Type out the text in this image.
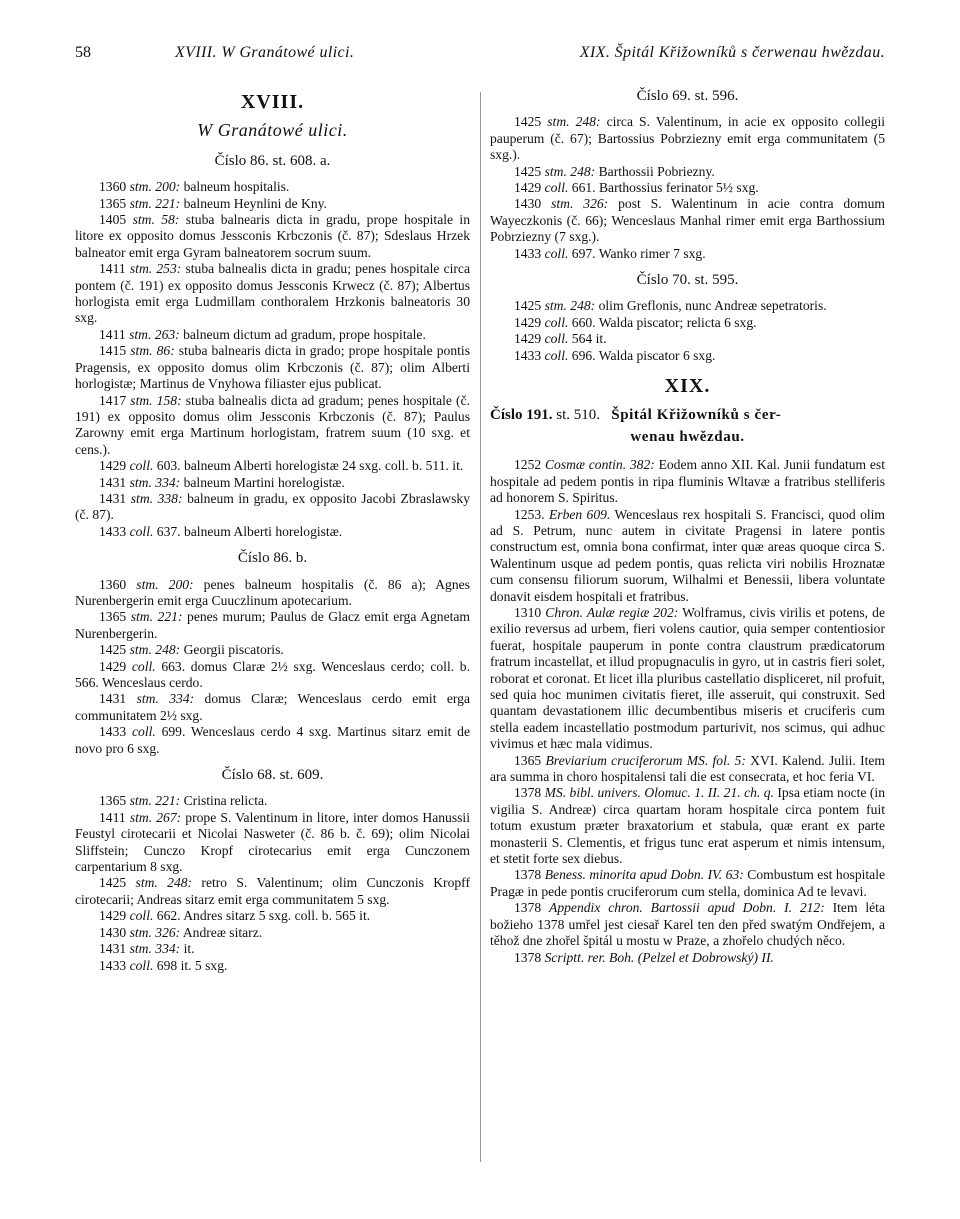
58	XVIII. W Granátowé ulici.	XIX. Špitál Křižowníků s čerwenau hwězdau.
XVIII.
W Granátowé ulici.
Číslo 86. st. 608. a.

1360 stm. 200: balneum hospitalis.

1365 stm. 221: balneum Heynlini de Kny.

1405 stm. 58: stuba balnearis dicta in gradu, prope hospitale in litore ex opposito domus Jessconis Krbczonis (č. 87); Sdeslaus Hrzek balneator emit erga Gyram balneatorem socrum suum.

1411 stm. 253: stuba balnealis dicta in gradu; penes hospitale circa pontem (č. 191) ex opposito domus Jessconis Krwecz (č. 87); Albertus horlogista emit erga Ludmillam conthoralem Hrzkonis balneatoris 30 sxg.

1411 stm. 263: balneum dictum ad gradum, prope hospitale.

1415 stm. 86: stuba balnearis dicta in grado; prope hospitale pontis Pragensis, ex opposito domus olim Krbczonis (č. 87); olim Alberti horlogistæ; Martinus de Vnyhowa filiaster ejus publicat.

1417 stm. 158: stuba balnealis dicta ad gradum; penes hospitale (č. 191) ex opposito domus olim Jessconis Krbczonis (č. 87); Paulus Zarowny emit erga Martinum horlogistam, fratrem suum (10 sxg. et cens.).

1429 coll. 603. balneum Alberti horelogistæ 24 sxg. coll. b. 511. it.

1431 stm. 334: balneum Martini horelogistæ.

1431 stm. 338: balneum in gradu, ex opposito Jacobi Zbraslawsky (č. 87).

1433 coll. 637. balneum Alberti horelogistæ.

Číslo 86. b.

1360 stm. 200: penes balneum hospitalis (č. 86 a); Agnes Nurenbergerin emit erga Cuuczlinum apotecarium.

1365 stm. 221: penes murum; Paulus de Glacz emit erga Agnetam Nurenbergerin.

1425 stm. 248: Georgii piscatoris.

1429 coll. 663. domus Claræ 2½ sxg. Wenceslaus cerdo; coll. b. 566. Wenceslaus cerdo.

1431 stm. 334: domus Claræ; Wenceslaus cerdo emit erga communitatem 2½ sxg.

1433 coll. 699. Wenceslaus cerdo 4 sxg. Martinus sitarz emit de novo pro 6 sxg.

Číslo 68. st. 609.

1365 stm. 221: Cristina relicta.

1411 stm. 267: prope S. Valentinum in litore, inter domos Hanussii Feustyl cirotecarii et Nicolai Nasweter (č. 86 b. č. 69); olim Nicolai Sliffstein; Cunczo Kropf cirotecarius emit erga Cunczonem carpentarium 8 sxg.

1425 stm. 248: retro S. Valentinum; olim Cunczonis Kropff cirotecarii; Andreas sitarz emit erga communitatem 5 sxg.

1429 coll. 662. Andres sitarz 5 sxg. coll. b. 565 it.

1430 stm. 326: Andreæ sitarz.

1431 stm. 334: it.

1433 coll. 698 it. 5 sxg.

Číslo 69. st. 596.

1425 stm. 248: circa S. Valentinum, in acie ex opposito collegii pauperum (č. 67); Bartossius Pobrziezny emit erga communitatem (5 sxg.).

1425 stm. 248: Barthossii Pobriezny.

1429 coll. 661. Barthossius ferinator 5½ sxg.

1430 stm. 326: post S. Walentinum in acie contra domum Wayeczkonis (č. 66); Wenceslaus Manhal rimer emit erga Barthossium Pobrziezny (7 sxg.).

1433 coll. 697. Wanko rimer 7 sxg.

Číslo 70. st. 595.

1425 stm. 248: olim Greflonis, nunc Andreæ sepetratoris.

1429 coll. 660. Walda piscator; relicta 6 sxg.

1429 coll. 564 it.

1433 coll. 696. Walda piscator 6 sxg.

XIX.
Číslo 191. st. 510. Špitál Křižowníků s čer-
wenau hwězdau.

1252 Cosmæ contin. 382: Eodem anno XII. Kal. Junii fundatum est hospitale ad pedem pontis in ripa fluminis Wltavæ a fratribus stelliferis ad honorem S. Spiritus.

1253. Erben 609. Wenceslaus rex hospitali S. Francisci, quod olim ad S. Petrum, nunc autem in civitate Pragensi in latere pontis constructum est, omnia bona confirmat, inter quæ areas quoque circa S. Walentinum usque ad pedem pontis, quas relicta viri nobilis Hroznatæ cum consensu filiorum suorum, Wilhalmi et Benessii, libera voluntate donavit eisdem hospitali et fratribus.

1310 Chron. Aulæ regiæ 202: Wolframus, civis virilis et potens, de exilio reversus ad urbem, fieri volens cautior, quia semper contentiosior fuerat, hospitale pauperum in ponte contra claustrum prædicatorum fratrum incastellat, et illud propugnaculis in gyro, ut in castris fieri solet, roborat et coronat. Et licet illa pluribus castellatio displiceret, nil profuit, sed quia hoc munimen civitatis fieret, ille asseruit, qui construxit. Sed quantam devastationem illic decumbentibus miseris et cruciferis cum stella eadem incastellatio postmodum parturivit, nos scimus, qui adhuc vivimus et hæc mala vidimus.

1365 Breviarium cruciferorum MS. fol. 5: XVI. Kalend. Julii. Item ara summa in choro hospitalensi tali die est consecrata, et hoc feria VI.

1378 MS. bibl. univers. Olomuc. 1. II. 21. ch. q. Ipsa etiam nocte (in vigilia S. Andreæ) circa quartam horam hospitale circa pontem fuit totum exustum præter braxatorium et stabula, quæ erant ex parte monasterii S. Clementis, et frigus tunc erat asperum et nimis intensum, et stetit forte sex diebus.

1378 Beness. minorita apud Dobn. IV. 63: Combustum est hospitale Pragæ in pede pontis cruciferorum cum stella, dominica Ad te levavi.

1378 Appendix chron. Bartossii apud Dobn. I. 212: Item léta božieho 1378 umřel jest ciesař Karel ten den před swatým Ondřejem, a těhož dne zhořel špitál u mostu w Praze, a zhořelo chudých něco.

1378 Scriptt. rer. Boh. (Pelzel et Dobrowský) II.
